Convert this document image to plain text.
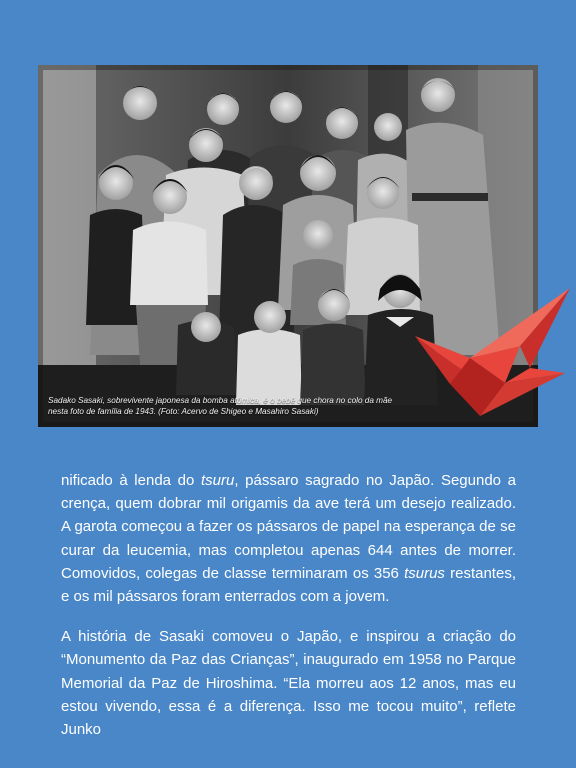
Sadako Sasaki, sobrevivente japonesa da bomba atômica, é o bebê que chora no colo da mãe nesta foto de família de 1943. (Foto: Acervo de Shigeo e Masahiro Sasaki)

nificado à lenda do tsuru, pássaro sagrado no Japão. Segundo a crença, quem dobrar mil origamis da ave terá um desejo realizado. A garota começou a fazer os pássaros de papel na esperança de se curar da leucemia, mas completou apenas 644 antes de morrer. Comovidos, colegas de classe terminaram os 356 tsurus restantes, e os mil pássaros foram enterrados com a jovem.

A história de Sasaki comoveu o Japão, e inspirou a criação do “Monumento da Paz das Crianças”, inaugurado em 1958 no Parque Memorial da Paz de Hiroshima. “Ela morreu aos 12 anos, mas eu estou vivendo, essa é a diferença. Isso me tocou muito”, reflete Junko
